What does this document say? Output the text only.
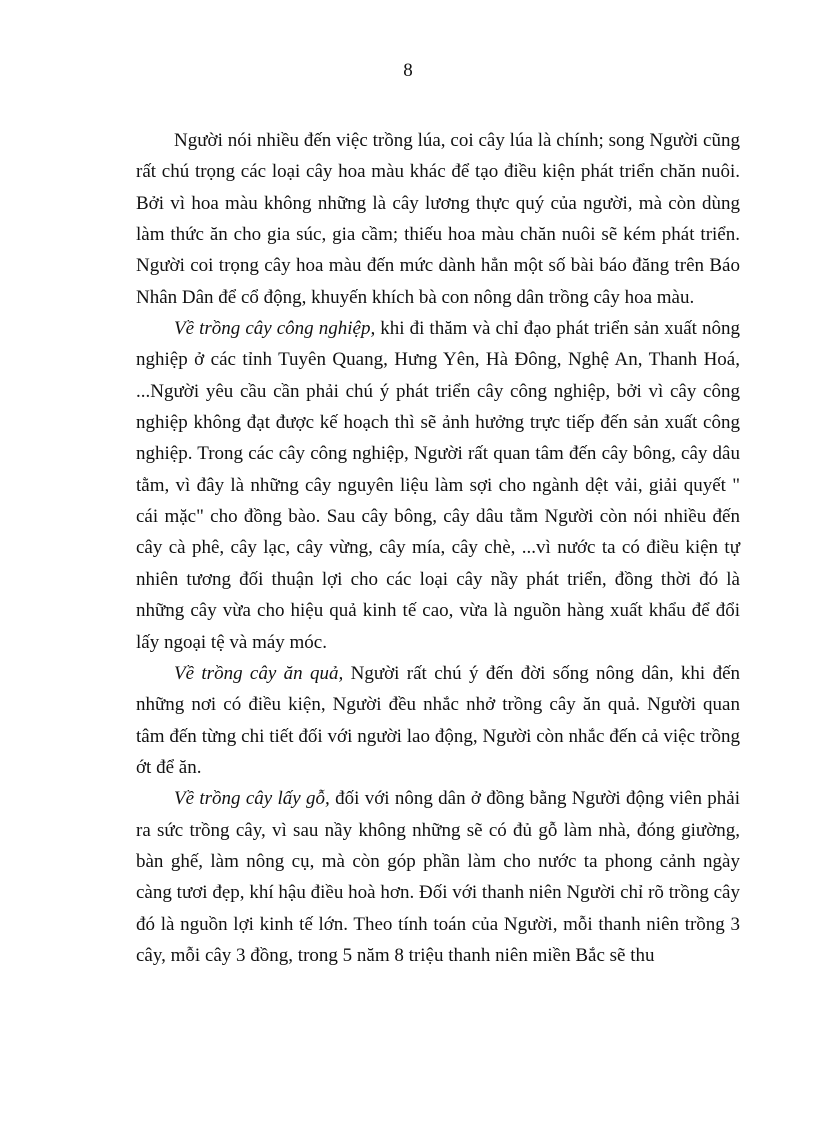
8

Người nói nhiều đến việc trồng lúa, coi cây lúa là chính; song Người cũng rất chú trọng các loại cây hoa màu khác để tạo điều kiện phát triển chăn nuôi. Bởi vì hoa màu không những là cây lương thực quý của người, mà còn dùng làm thức ăn cho gia súc, gia cầm; thiếu hoa màu chăn nuôi sẽ kém phát triển. Người coi trọng cây hoa màu đến mức dành hẳn một số bài báo đăng trên Báo Nhân Dân để cổ động, khuyến khích bà con nông dân trồng cây hoa màu.

Về trồng cây công nghiệp, khi đi thăm và chỉ đạo phát triển sản xuất nông nghiệp ở các tỉnh Tuyên Quang, Hưng Yên, Hà Đông, Nghệ An, Thanh Hoá, ...Người yêu cầu cần phải chú ý phát triển cây công nghiệp, bởi vì cây công nghiệp không đạt được kế hoạch thì sẽ ảnh hưởng trực tiếp đến sản xuất công nghiệp. Trong các cây công nghiệp, Người rất quan tâm đến cây bông, cây dâu tằm, vì đây là những cây nguyên liệu làm sợi cho ngành dệt vải, giải quyết " cái mặc" cho đồng bào. Sau cây bông, cây dâu tằm Người còn nói nhiều đến cây cà phê, cây lạc, cây vừng, cây mía, cây chè, ...vì nước ta có điều kiện tự nhiên tương đối thuận lợi cho các loại cây nầy phát triển, đồng thời đó là những cây vừa cho hiệu quả kinh tế cao, vừa là nguồn hàng xuất khẩu để đổi lấy ngoại tệ và máy móc.

Về trồng cây ăn quả, Người rất chú ý đến đời sống nông dân, khi đến những nơi có điều kiện, Người đều nhắc nhở trồng cây ăn quả. Người quan tâm đến từng chi tiết đối với người lao động, Người còn nhắc đến cả việc trồng ớt để ăn.

Về trồng cây lấy gỗ, đối với nông dân ở đồng bằng Người động viên phải ra sức trồng cây, vì sau nầy không những sẽ có đủ gỗ làm nhà, đóng giường, bàn ghế, làm nông cụ, mà còn góp phần làm cho nước ta phong cảnh ngày càng tươi đẹp, khí hậu điều hoà hơn. Đối với thanh niên Người chỉ rõ trồng cây đó là nguồn lợi kinh tế lớn. Theo tính toán của Người, mỗi thanh niên trồng 3 cây, mỗi cây 3 đồng, trong 5 năm 8 triệu thanh niên miền Bắc sẽ thu
